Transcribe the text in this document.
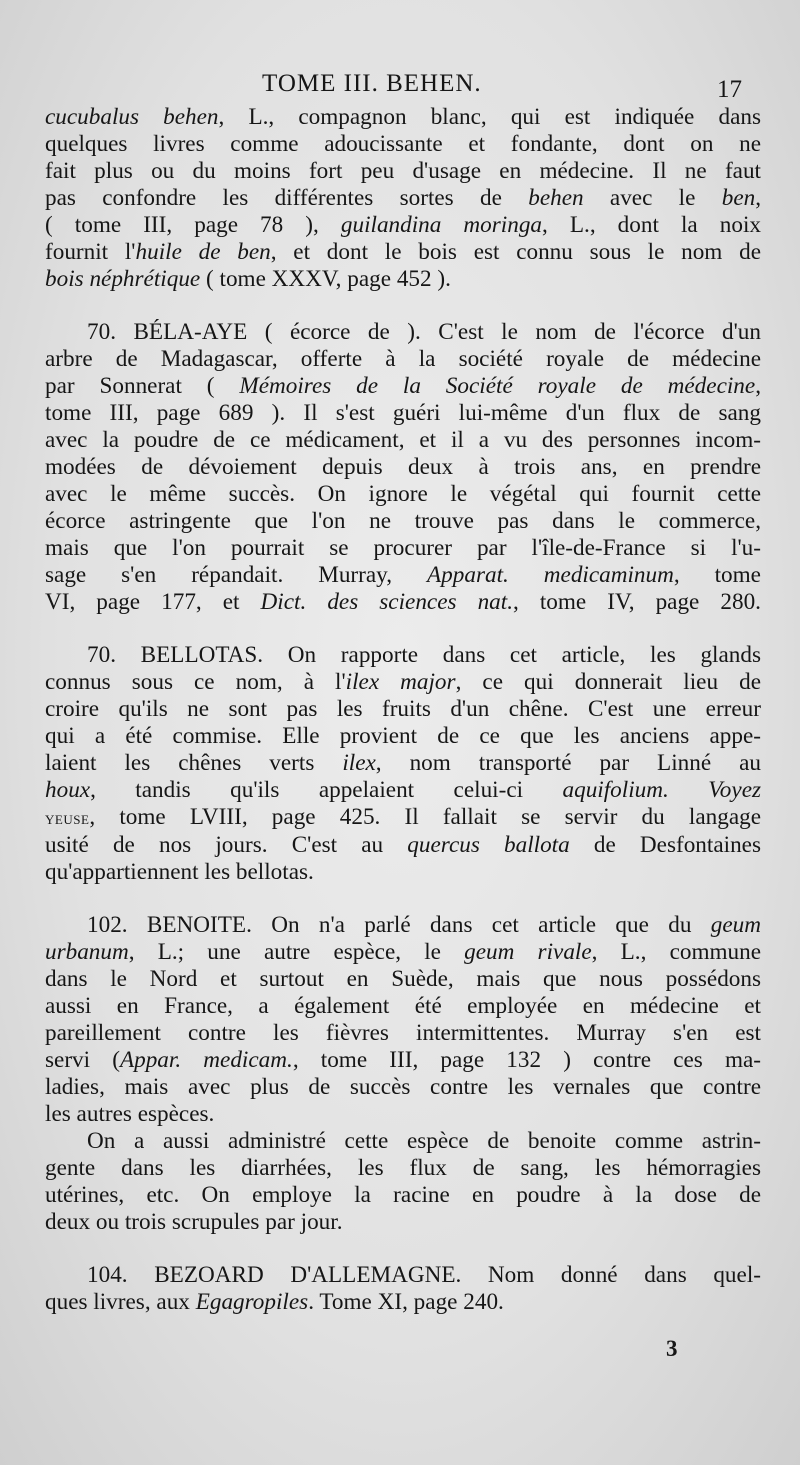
TOME III. BEHEN.	17
cucubalus behen, L., compagnon blanc, qui est indiquée dans
quelques livres comme adoucissante et fondante, dont on ne
fait plus ou du moins fort peu d'usage en médecine. Il ne faut
pas confondre les différentes sortes de behen avec le ben,
( tome III, page 78 ), guilandina moringa, L., dont la noix
fournit l'huile de ben, et dont le bois est connu sous le nom de
bois néphrétique ( tome XXXV, page 452 ).
70. BÉLA-AYE ( écorce de ). C'est le nom de l'écorce d'un
arbre de Madagascar, offerte à la société royale de médecine
par Sonnerat ( Mémoires de la Société royale de médecine,
tome III, page 689 ). Il s'est guéri lui-même d'un flux de sang
avec la poudre de ce médicament, et il a vu des personnes incom-
modées de dévoiement depuis deux à trois ans, en prendre
avec le même succès. On ignore le végétal qui fournit cette
écorce astringente que l'on ne trouve pas dans le commerce,
mais que l'on pourrait se procurer par l'île-de-France si l'u-
sage s'en répandait. Murray, Apparat. medicaminum, tome
VI, page 177, et Dict. des sciences nat., tome IV, page 280.
70. BELLOTAS. On rapporte dans cet article, les glands
connus sous ce nom, à l'ilex major, ce qui donnerait lieu de
croire qu'ils ne sont pas les fruits d'un chêne. C'est une erreur
qui a été commise. Elle provient de ce que les anciens appe-
laient les chênes verts ilex, nom transporté par Linné au
houx, tandis qu'ils appelaient celui-ci aquifolium. Voyez
yeuse, tome LVIII, page 425. Il fallait se servir du langage
usité de nos jours. C'est au quercus ballota de Desfontaines
qu'appartiennent les bellotas.
102. BENOITE. On n'a parlé dans cet article que du geum
urbanum, L.; une autre espèce, le geum rivale, L., commune
dans le Nord et surtout en Suède, mais que nous possédons
aussi en France, a également été employée en médecine et
pareillement contre les fièvres intermittentes. Murray s'en est
servi (Appar. medicam., tome III, page 132 ) contre ces ma-
ladies, mais avec plus de succès contre les vernales que contre
les autres espèces.
On a aussi administré cette espèce de benoite comme astrin-
gente dans les diarrhées, les flux de sang, les hémorragies
utérines, etc. On employe la racine en poudre à la dose de
deux ou trois scrupules par jour.
104. BEZOARD D'ALLEMAGNE. Nom donné dans quel-
ques livres, aux Egagropiles. Tome XI, page 240.
3
